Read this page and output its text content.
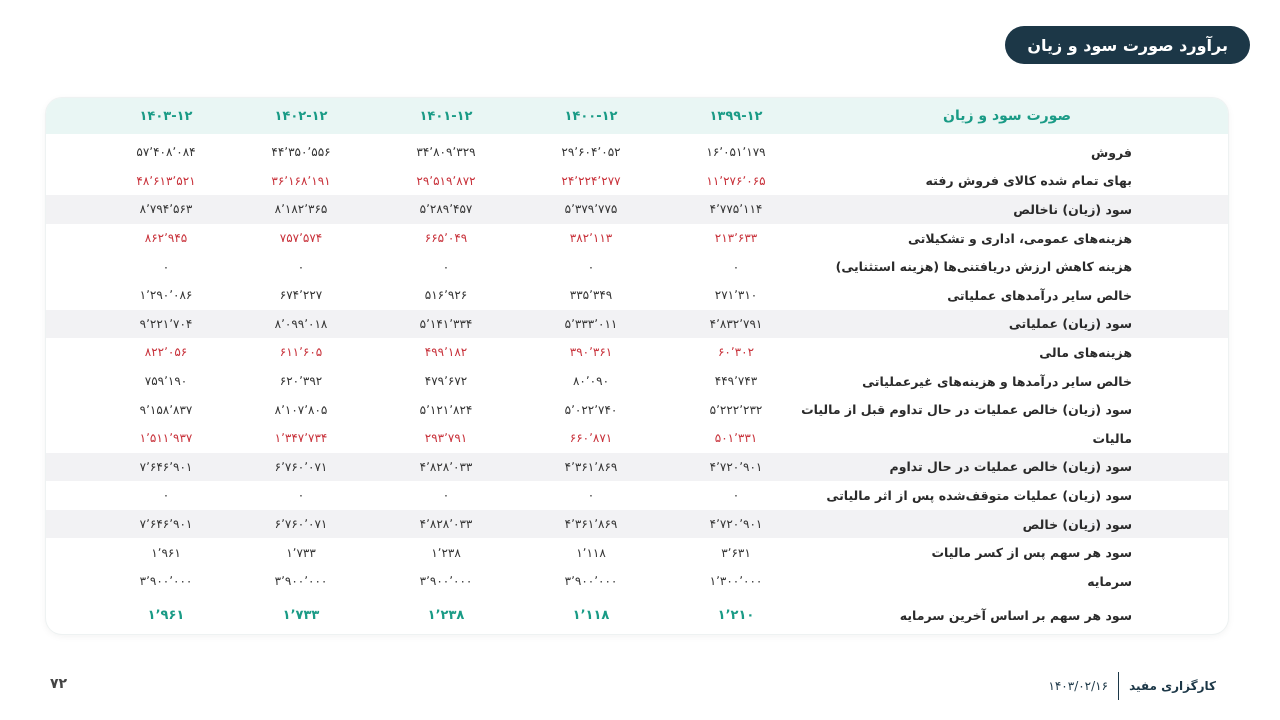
برآورد صورت سود و زیان
صورت سود و زیان
۱۳۹۹-۱۲
۱۴۰۰-۱۲
۱۴۰۱-۱۲
۱۴۰۲-۱۲
۱۴۰۳-۱۲
فروش
۱۶٬۰۵۱٬۱۷۹
۲۹٬۶۰۴٬۰۵۲
۳۴٬۸۰۹٬۳۲۹
۴۴٬۳۵۰٬۵۵۶
۵۷٬۴۰۸٬۰۸۴
بهای تمام شده کالای فروش رفته
۱۱٬۲۷۶٬۰۶۵
۲۴٬۲۲۴٬۲۷۷
۲۹٬۵۱۹٬۸۷۲
۳۶٬۱۶۸٬۱۹۱
۴۸٬۶۱۳٬۵۲۱
سود (زیان) ناخالص
۴٬۷۷۵٬۱۱۴
۵٬۳۷۹٬۷۷۵
۵٬۲۸۹٬۴۵۷
۸٬۱۸۲٬۳۶۵
۸٬۷۹۴٬۵۶۳
هزینه‌های عمومی، اداری و تشکیلاتی
۲۱۳٬۶۳۳
۳۸۲٬۱۱۳
۶۶۵٬۰۴۹
۷۵۷٬۵۷۴
۸۶۲٬۹۴۵
هزینه کاهش ارزش دریافتنی‌ها (هزینه استثنایی)
۰
۰
۰
۰
۰
خالص سایر درآمدهای عملیاتی
۲۷۱٬۳۱۰
۳۳۵٬۳۴۹
۵۱۶٬۹۲۶
۶۷۴٬۲۲۷
۱٬۲۹۰٬۰۸۶
سود (زیان) عملیاتی
۴٬۸۳۲٬۷۹۱
۵٬۳۳۳٬۰۱۱
۵٬۱۴۱٬۳۳۴
۸٬۰۹۹٬۰۱۸
۹٬۲۲۱٬۷۰۴
هزینه‌های مالی
۶۰٬۳۰۲
۳۹۰٬۳۶۱
۴۹۹٬۱۸۲
۶۱۱٬۶۰۵
۸۲۲٬۰۵۶
خالص سایر درآمدها و هزینه‌های غیرعملیاتی
۴۴۹٬۷۴۳
۸۰٬۰۹۰
۴۷۹٬۶۷۲
۶۲۰٬۳۹۲
۷۵۹٬۱۹۰
سود (زیان) خالص عملیات در حال تداوم قبل از مالیات
۵٬۲۲۲٬۲۳۲
۵٬۰۲۲٬۷۴۰
۵٬۱۲۱٬۸۲۴
۸٬۱۰۷٬۸۰۵
۹٬۱۵۸٬۸۳۷
مالیات
۵۰۱٬۳۳۱
۶۶۰٬۸۷۱
۲۹۳٬۷۹۱
۱٬۳۴۷٬۷۳۴
۱٬۵۱۱٬۹۳۷
سود (زیان) خالص عملیات در حال تداوم
۴٬۷۲۰٬۹۰۱
۴٬۳۶۱٬۸۶۹
۴٬۸۲۸٬۰۳۳
۶٬۷۶۰٬۰۷۱
۷٬۶۴۶٬۹۰۱
سود (زیان) عملیات متوقف‌شده پس از اثر مالیاتی
۰
۰
۰
۰
۰
سود (زیان) خالص
۴٬۷۲۰٬۹۰۱
۴٬۳۶۱٬۸۶۹
۴٬۸۲۸٬۰۳۳
۶٬۷۶۰٬۰۷۱
۷٬۶۴۶٬۹۰۱
سود هر سهم پس از کسر مالیات
۳٬۶۳۱
۱٬۱۱۸
۱٬۲۳۸
۱٬۷۳۳
۱٬۹۶۱
سرمایه
۱٬۳۰۰٬۰۰۰
۳٬۹۰۰٬۰۰۰
۳٬۹۰۰٬۰۰۰
۳٬۹۰۰٬۰۰۰
۳٬۹۰۰٬۰۰۰
سود هر سهم بر اساس آخرین سرمایه
۱٬۲۱۰
۱٬۱۱۸
۱٬۲۳۸
۱٬۷۳۳
۱٬۹۶۱
۷۲	کارگزاری مفید
۱۴۰۳/۰۲/۱۶
